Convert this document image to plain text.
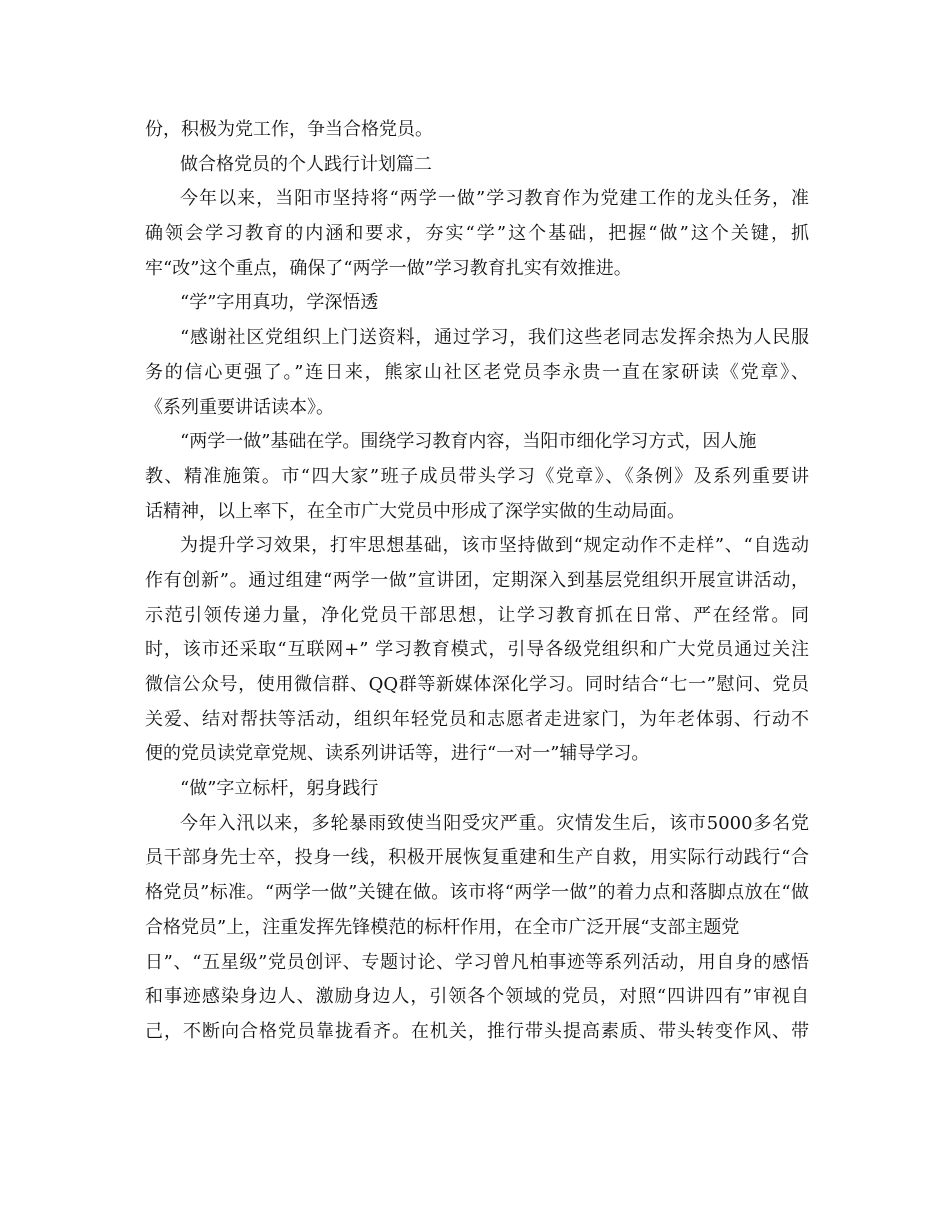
份，积极为党工作，争当合格党员。
做合格党员的个人践行计划篇二
今年以来，当阳市坚持将“两学一做”学习教育作为党建工作的龙头任务，准
确领会学习教育的内涵和要求，夯实“学”这个基础，把握“做”这个关键，抓
牢“改”这个重点，确保了“两学一做”学习教育扎实有效推进。
“学”字用真功，学深悟透
“感谢社区党组织上门送资料，通过学习，我们这些老同志发挥余热为人民服
务的信心更强了。”连日来，熊家山社区老党员李永贵一直在家研读《党章》、
《系列重要讲话读本》。
“两学一做”基础在学。围绕学习教育内容，当阳市细化学习方式，因人施
教、精准施策。市“四大家”班子成员带头学习《党章》、《条例》及系列重要讲
话精神，以上率下，在全市广大党员中形成了深学实做的生动局面。
为提升学习效果，打牢思想基础，该市坚持做到“规定动作不走样”、“自选动
作有创新”。通过组建“两学一做”宣讲团，定期深入到基层党组织开展宣讲活动，
示范引领传递力量，净化党员干部思想，让学习教育抓在日常、严在经常。同
时，该市还采取“互联网+” 学习教育模式，引导各级党组织和广大党员通过关注
微信公众号，使用微信群、QQ群等新媒体深化学习。同时结合“七一”慰问、党员
关爱、结对帮扶等活动，组织年轻党员和志愿者走进家门，为年老体弱、行动不
便的党员读党章党规、读系列讲话等，进行“一对一”辅导学习。
“做”字立标杆，躬身践行
今年入汛以来，多轮暴雨致使当阳受灾严重。灾情发生后，该市5000多名党
员干部身先士卒，投身一线，积极开展恢复重建和生产自救，用实际行动践行“合
格党员”标准。“两学一做”关键在做。该市将“两学一做”的着力点和落脚点放在“做
合格党员”上，注重发挥先锋模范的标杆作用，在全市广泛开展“支部主题党
日”、“五星级”党员创评、专题讨论、学习曾凡柏事迹等系列活动，用自身的感悟
和事迹感染身边人、激励身边人，引领各个领域的党员，对照“四讲四有”审视自
己，不断向合格党员靠拢看齐。在机关，推行带头提高素质、带头转变作风、带
